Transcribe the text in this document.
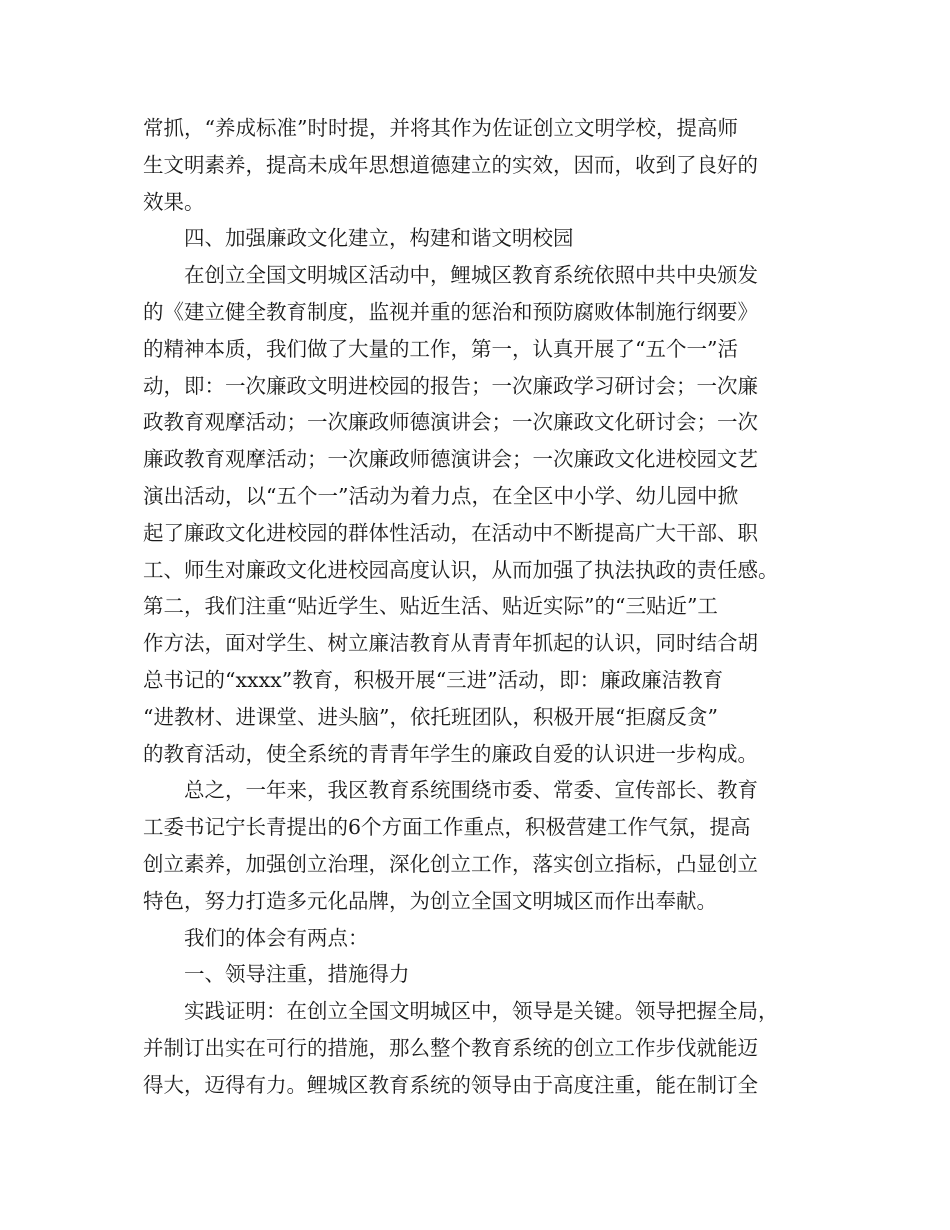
常抓，“养成标准”时时提，并将其作为佐证创立文明学校，提高师
生文明素养，提高未成年思想道德建立的实效，因而，收到了良好的
效果。
四、加强廉政文化建立，构建和谐文明校园
在创立全国文明城区活动中，鲤城区教育系统依照中共中央颁发
的《建立健全教育制度，监视并重的惩治和预防腐败体制施行纲要》
的精神本质，我们做了大量的工作，第一，认真开展了“五个一”活
动，即：一次廉政文明进校园的报告；一次廉政学习研讨会；一次廉
政教育观摩活动；一次廉政师德演讲会；一次廉政文化研讨会；一次
廉政教育观摩活动；一次廉政师德演讲会；一次廉政文化进校园文艺
演出活动，以“五个一”活动为着力点，在全区中小学、幼儿园中掀
起了廉政文化进校园的群体性活动，在活动中不断提高广大干部、职
工、师生对廉政文化进校园高度认识，从而加强了执法执政的责任感。
第二，我们注重“贴近学生、贴近生活、贴近实际”的“三贴近”工
作方法，面对学生、树立廉洁教育从青青年抓起的认识，同时结合胡
总书记的“xxxx”教育，积极开展“三进”活动，即：廉政廉洁教育
“进教材、进课堂、进头脑”，依托班团队，积极开展“拒腐反贪”
的教育活动，使全系统的青青年学生的廉政自爱的认识进一步构成。
总之，一年来，我区教育系统围绕市委、常委、宣传部长、教育
工委书记宁长青提出的6个方面工作重点，积极营建工作气氛，提高
创立素养，加强创立治理，深化创立工作，落实创立指标，凸显创立
特色，努力打造多元化品牌，为创立全国文明城区而作出奉献。
我们的体会有两点：
一、领导注重，措施得力
实践证明：在创立全国文明城区中，领导是关键。领导把握全局，
并制订出实在可行的措施，那么整个教育系统的创立工作步伐就能迈
得大，迈得有力。鲤城区教育系统的领导由于高度注重，能在制订全
